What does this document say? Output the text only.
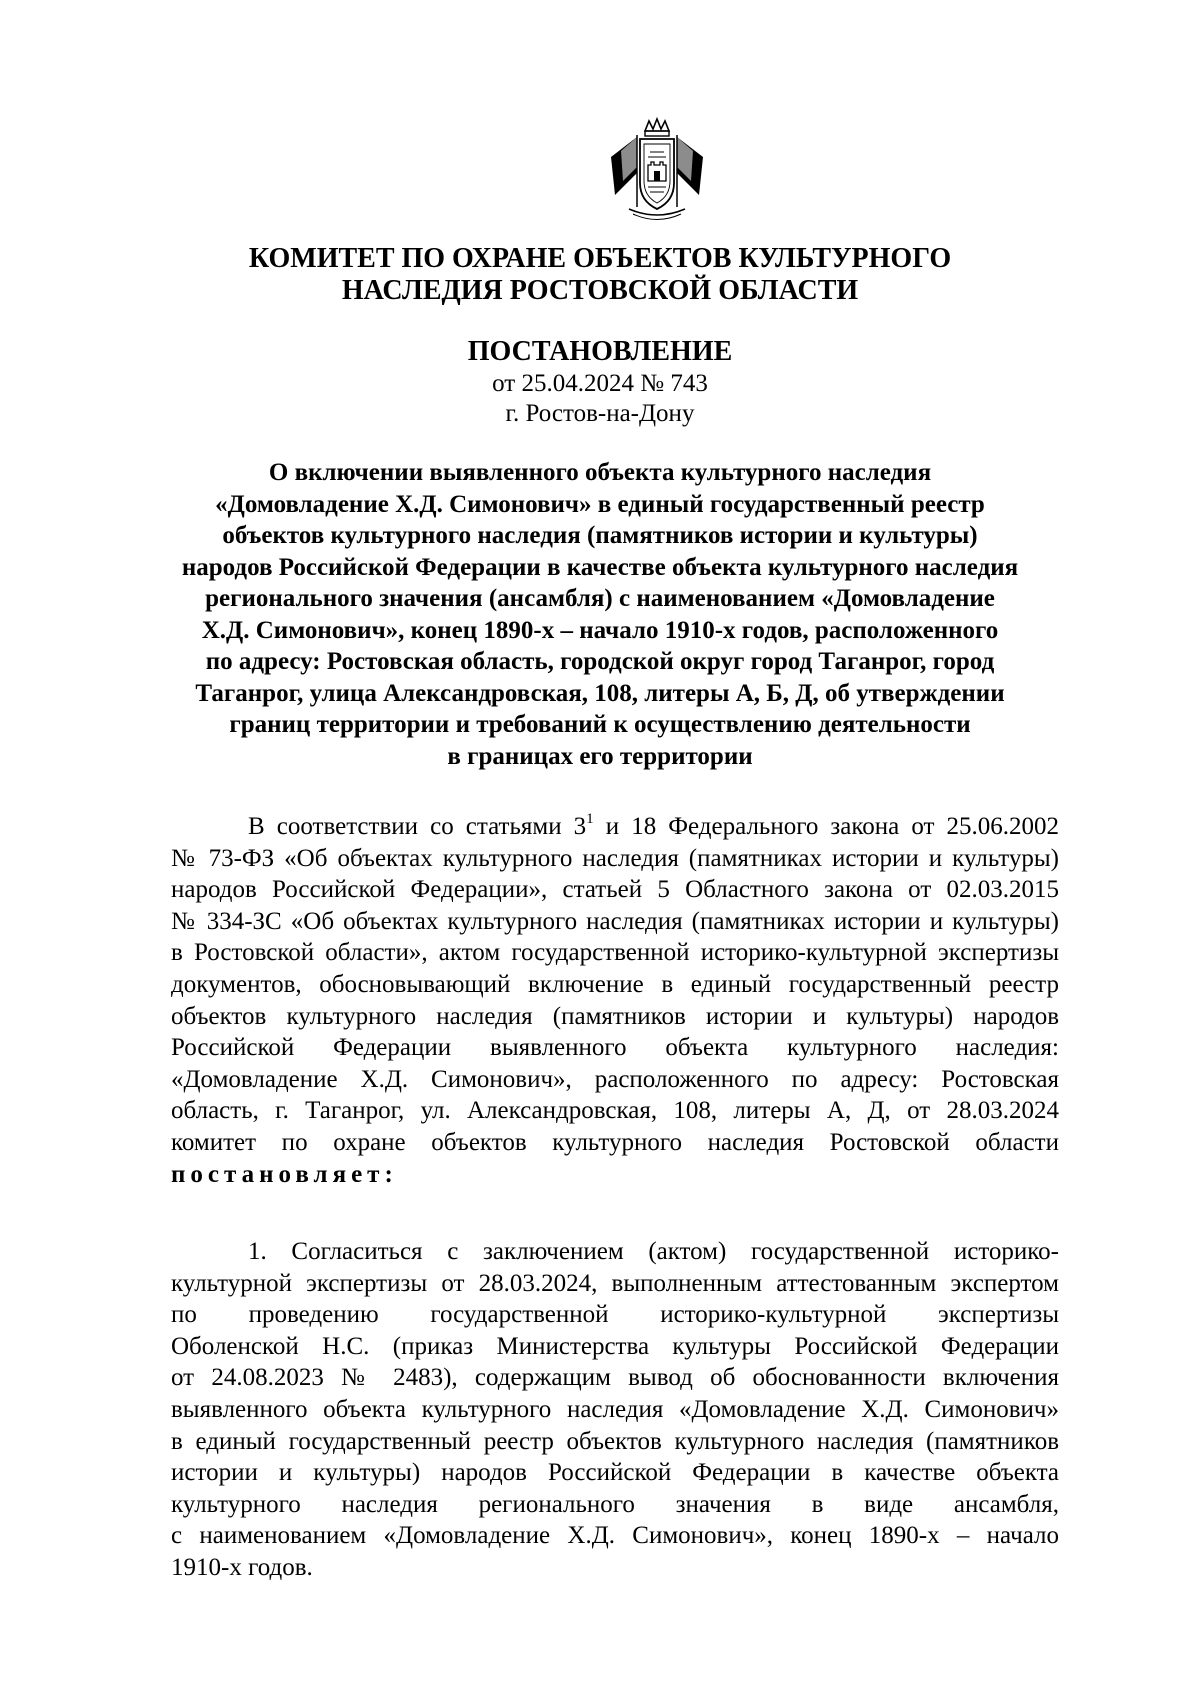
КОМИТЕТ ПО ОХРАНЕ ОБЪЕКТОВ КУЛЬТУРНОГО
НАСЛЕДИЯ РОСТОВСКОЙ ОБЛАСТИ
ПОСТАНОВЛЕНИЕ
от 25.04.2024 № 743
г. Ростов-на-Дону
О включении выявленного объекта культурного наследия
«Домовладение Х.Д. Симонович» в единый государственный реестр
объектов культурного наследия (памятников истории и культуры)
народов Российской Федерации в качестве объекта культурного наследия
регионального значения (ансамбля) с наименованием «Домовладение
Х.Д. Симонович», конец 1890-х – начало 1910-х годов, расположенного
по адресу: Ростовская область, городской округ город Таганрог, город
Таганрог, улица Александровская, 108, литеры А, Б, Д, об утверждении
границ территории и требований к осуществлению деятельности
в границах его территории
В соответствии со статьями $3^1$ и 18 Федерального закона от 25.06.2002
№ 73-ФЗ «Об объектах культурного наследия (памятниках истории и культуры)
народов Российской Федерации», статьей 5 Областного закона от 02.03.2015
№ 334-ЗС «Об объектах культурного наследия (памятниках истории и культуры)
в Ростовской области», актом государственной историко-культурной экспертизы
документов, обосновывающий включение в единый государственный реестр
объектов культурного наследия (памятников истории и культуры) народов
Российской Федерации выявленного объекта культурного наследия:
«Домовладение Х.Д. Симонович», расположенного по адресу: Ростовская
область, г. Таганрог, ул. Александровская, 108, литеры А, Д, от 28.03.2024
комитет по охране объектов культурного наследия Ростовской области
постановляет:
1. Согласиться с заключением (актом) государственной историко-
культурной экспертизы от 28.03.2024, выполненным аттестованным экспертом
по проведению государственной историко-культурной экспертизы
Оболенской Н.С. (приказ Министерства культуры Российской Федерации
от 24.08.2023 № 2483), содержащим вывод об обоснованности включения
выявленного объекта культурного наследия «Домовладение Х.Д. Симонович»
в единый государственный реестр объектов культурного наследия (памятников
истории и культуры) народов Российской Федерации в качестве объекта
культурного наследия регионального значения в виде ансамбля,
с наименованием «Домовладение Х.Д. Симонович», конец 1890-х – начало
1910-х годов.
